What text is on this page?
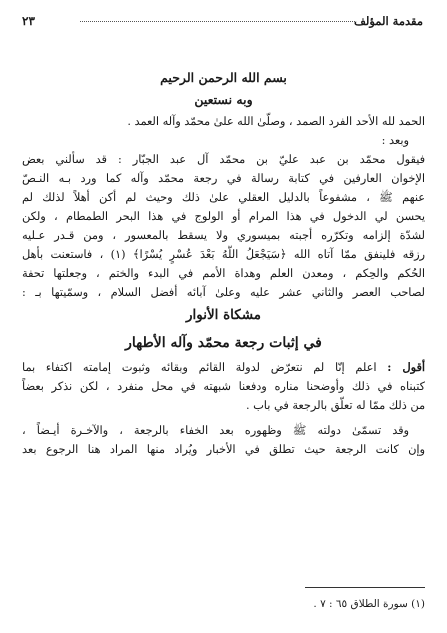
مقدمة المؤلف
٢٣
بسم الله الرحمن الرحيم
وبه نستعين
الحمد لله الأحد الفرد الصمد ، وصلّىٰ الله علىٰ محمّد وآله العمد .
وبعد :
فيقول محمّد بن عبد عليّ بن محمّد آل عبد الجبّار : قد سألني بعض
الإخوان العارفين في كتابة رسالة في رجعة محمّد وآله كما ورد بـه النـصّ
عنهم ﷺ ، مشفوعاً بالدليل العقلي علىٰ ذلك وحيث لم أكن أهلاً لذلك لم
يحسن لي الدخول في هذا المرام أو الولوج في هذا البحر الطمطام ، ولكن
لشدّة إلزامه وتكرّره أجبته بميسوري ولا يسقط بالمعسور ، ومن قـدر عـليه
رزقه فلينفق ممّا آتاه الله ﴿سَيَجْعَلُ اللَّهُ بَعْدَ عُسْرٍ يُسْرًا﴾ (١) ، فاستعنت بأهل
الحُكم والحِكم ، ومعدن العلم وهداة الأمم في البدء والختم ، وجعلتها تحفة
لصاحب العصر والثاني عشر عليه وعلىٰ آبائه أفضل السلام ، وسمّيتها بـ :
مشكاة الأنوار
في إثبات رجعة محمّد وآله الأطهار
أقول : اعلم إنّا لم نتعرّض لدولة القائم وبقائه وثبوت إمامته اكتفاء بما
كتبناه في ذلك وأوضحنا مناره ودفعنا شبهته في محل منفرد ، لكن نذكر بعضاً
من ذلك ممّا له تعلّق بالرجعة في باب .
وقد تسمّىٰ دولته ﷺ وظهوره بعد الخفاء بالرجعة ، والآخـرة أيـضاً ،
وإن كانت الرجعة حيث تطلق في الأخبار ويُراد منها المراد هنا الرجوع بعد
(١) سورة الطلاق ٦٥ : ٧ .
